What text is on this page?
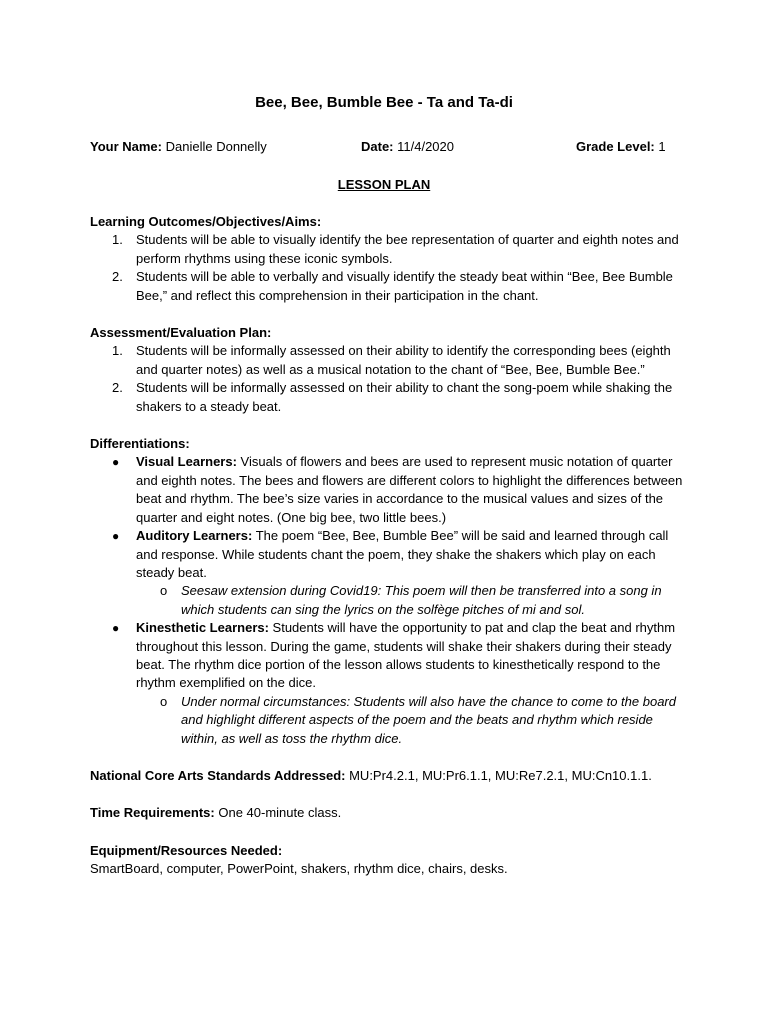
Bee, Bee, Bumble Bee - Ta and Ta-di
Your Name: Danielle Donnelly	Date: 11/4/2020	Grade Level: 1
LESSON PLAN
Learning Outcomes/Objectives/Aims:
1. Students will be able to visually identify the bee representation of quarter and eighth notes and perform rhythms using these iconic symbols.
2. Students will be able to verbally and visually identify the steady beat within “Bee, Bee Bumble Bee,” and reflect this comprehension in their participation in the chant.
Assessment/Evaluation Plan:
1. Students will be informally assessed on their ability to identify the corresponding bees (eighth and quarter notes) as well as a musical notation to the chant of “Bee, Bee, Bumble Bee.”
2. Students will be informally assessed on their ability to chant the song-poem while shaking the shakers to a steady beat.
Differentiations:
● Visual Learners: Visuals of flowers and bees are used to represent music notation of quarter and eighth notes. The bees and flowers are different colors to highlight the differences between beat and rhythm. The bee’s size varies in accordance to the musical values and sizes of the quarter and eight notes. (One big bee, two little bees.)
● Auditory Learners: The poem “Bee, Bee, Bumble Bee” will be said and learned through call and response. While students chant the poem, they shake the shakers which play on each steady beat.
o Seesaw extension during Covid19: This poem will then be transferred into a song in which students can sing the lyrics on the solfège pitches of mi and sol.
● Kinesthetic Learners: Students will have the opportunity to pat and clap the beat and rhythm throughout this lesson. During the game, students will shake their shakers during their steady beat. The rhythm dice portion of the lesson allows students to kinesthetically respond to the rhythm exemplified on the dice.
o Under normal circumstances: Students will also have the chance to come to the board and highlight different aspects of the poem and the beats and rhythm which reside within, as well as toss the rhythm dice.
National Core Arts Standards Addressed: MU:Pr4.2.1, MU:Pr6.1.1, MU:Re7.2.1, MU:Cn10.1.1.
Time Requirements: One 40-minute class.
Equipment/Resources Needed:
SmartBoard, computer, PowerPoint, shakers, rhythm dice, chairs, desks.
